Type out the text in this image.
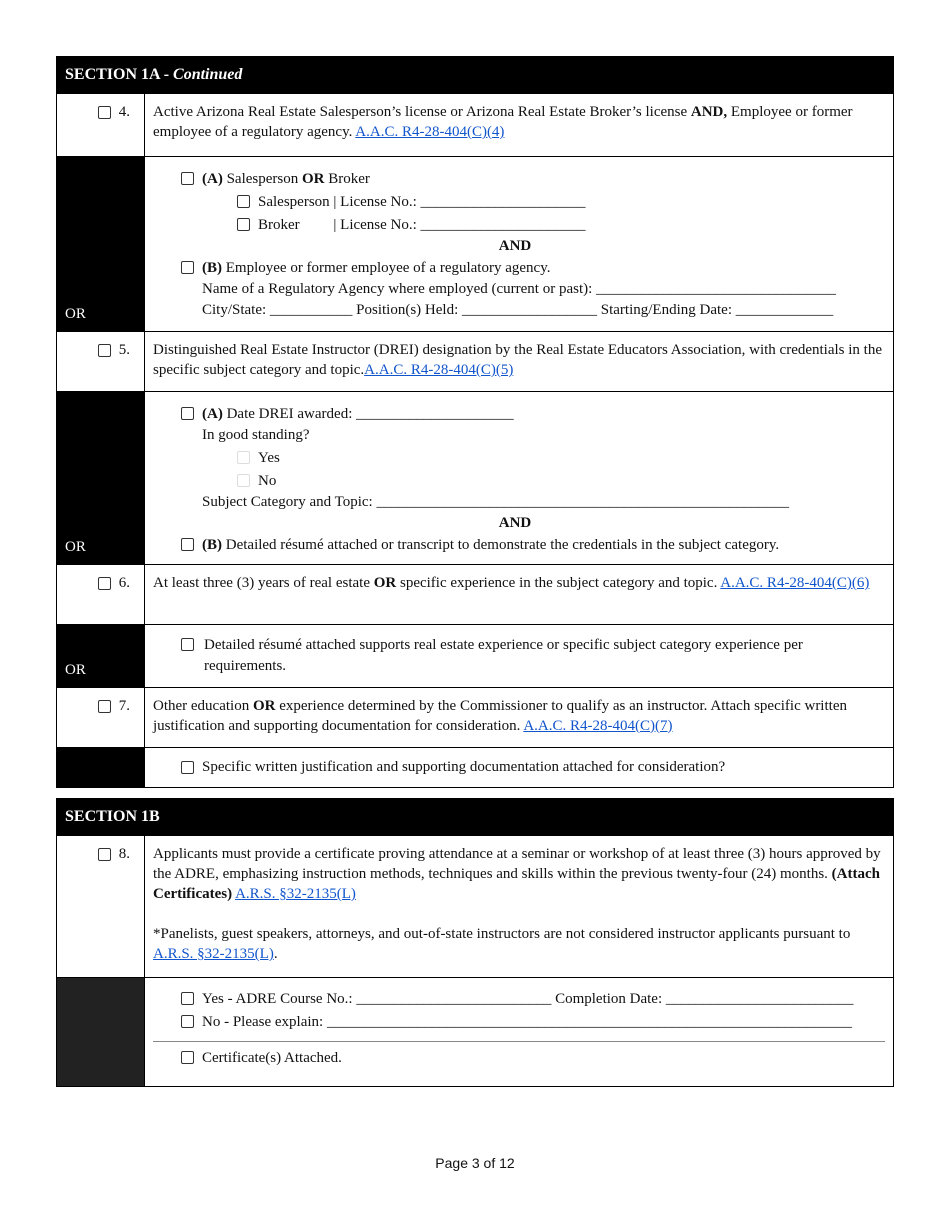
SECTION 1A - Continued
4.	Active Arizona Real Estate Salesperson’s license or Arizona Real Estate Broker’s license AND, Employee or former employee of a regulatory agency. A.A.C. R4-28-404(C)(4)
OR
(A) Salesperson OR Broker
Salesperson | License No.: ______________________
Broker         | License No.: ______________________
AND
(B) Employee or former employee of a regulatory agency.
Name of a Regulatory Agency where employed (current or past): ________________________________
City/State: ___________ Position(s) Held: __________________ Starting/Ending Date: _____________
5.	Distinguished Real Estate Instructor (DREI) designation by the Real Estate Educators Association, with credentials in the specific subject category and topic.A.A.C. R4-28-404(C)(5)
OR
(A) Date DREI awarded: _____________________
In good standing?
Yes
No
Subject Category and Topic: _______________________________________________________
AND
(B) Detailed résumé attached or transcript to demonstrate the credentials in the subject category.
6.	At least three (3) years of real estate OR specific experience in the subject category and topic. A.A.C. R4-28-404(C)(6)
OR
Detailed résumé attached supports real estate experience or specific subject category experience per requirements.
7.	Other education OR experience determined by the Commissioner to qualify as an instructor. Attach specific written justification and supporting documentation for consideration. A.A.C. R4-28-404(C)(7)
Specific written justification and supporting documentation attached for consideration?
SECTION 1B
8. Applicants must provide a certificate proving attendance at a seminar or workshop of at least three (3) hours approved by the ADRE, emphasizing instruction methods, techniques and skills within the previous twenty-four (24) months. (Attach Certificates) A.R.S. §32-2135(L)
*Panelists, guest speakers, attorneys, and out-of-state instructors are not considered instructor applicants pursuant to A.R.S. §32-2135(L).
Yes - ADRE Course No.: __________________________ Completion Date: _________________________
No - Please explain: ______________________________________________________________________
Certificate(s) Attached.
Page 3 of 12
